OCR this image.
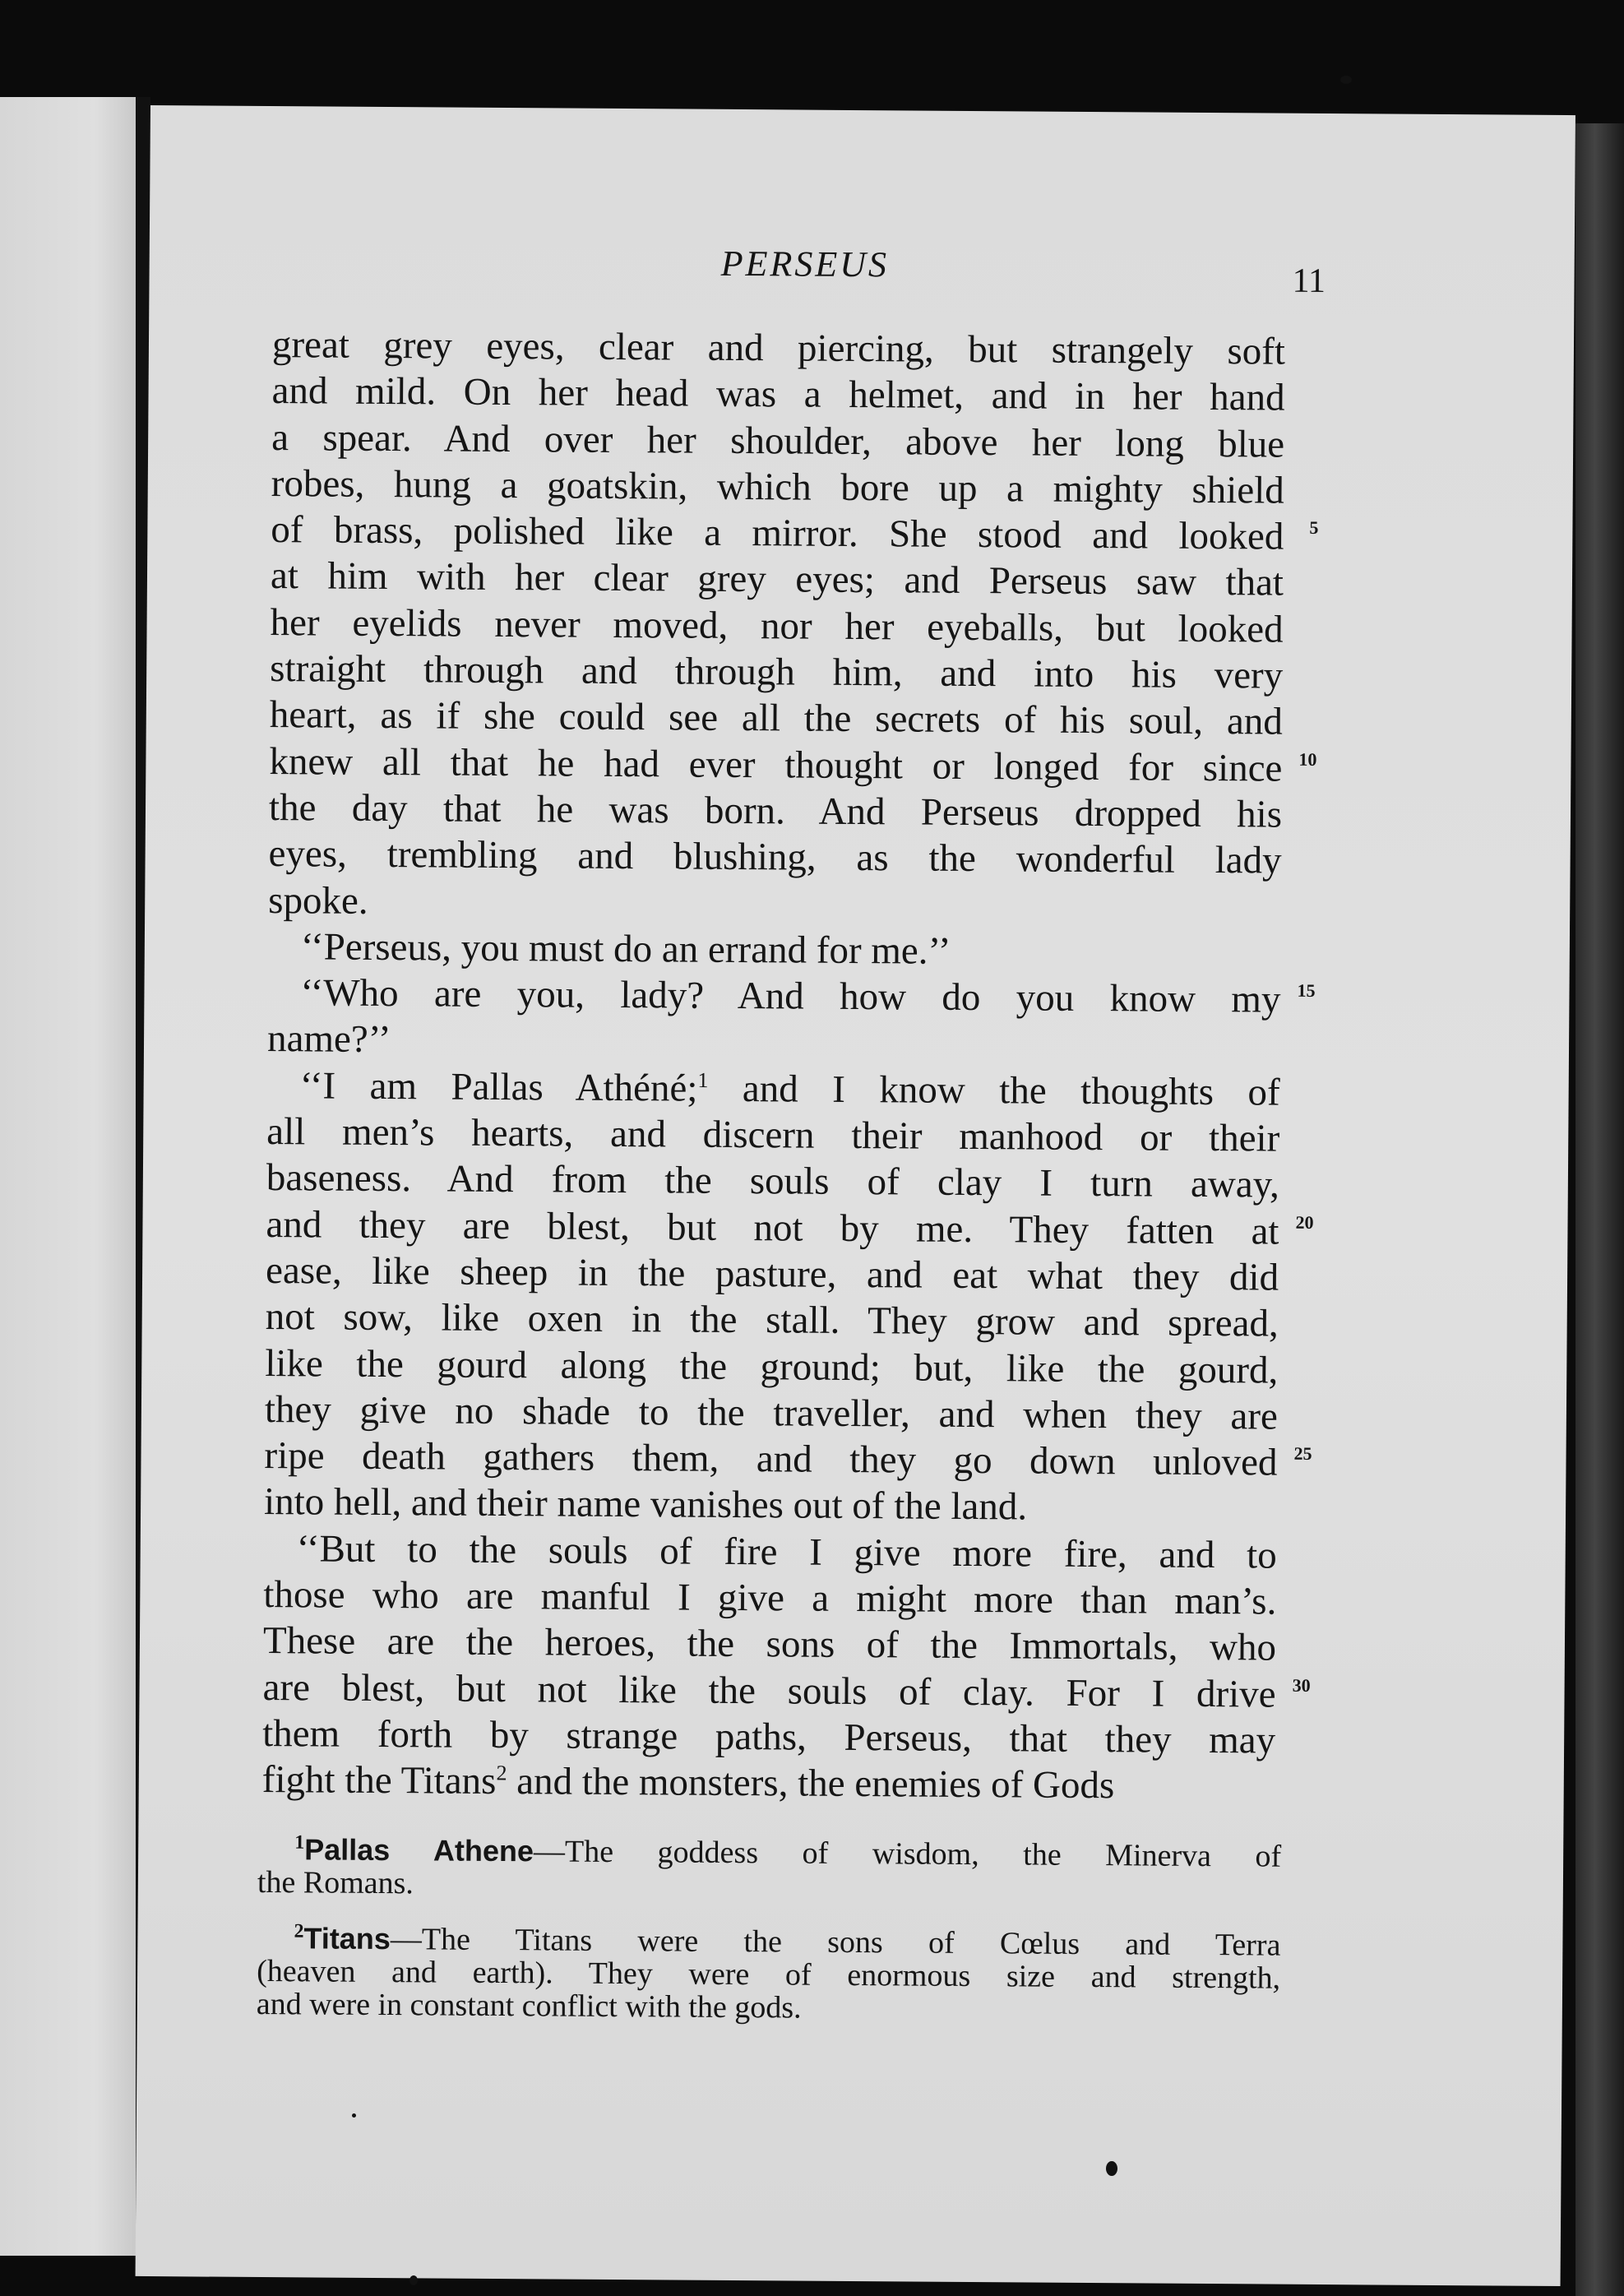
PERSEUS	11
great grey eyes, clear and piercing, but strangely soft
and mild. On her head was a helmet, and in her hand
a spear. And over her shoulder, above her long blue
robes, hung a goatskin, which bore up a mighty shield
of brass, polished like a mirror. She stood and looked 5
at him with her clear grey eyes; and Perseus saw that
her eyelids never moved, nor her eyeballs, but looked
straight through and through him, and into his very
heart, as if she could see all the secrets of his soul, and
knew all that he had ever thought or longed for since 10
the day that he was born. And Perseus dropped his
eyes, trembling and blushing, as the wonderful lady
spoke.
‘‘Perseus, you must do an errand for me.’’
‘‘Who are you, lady? And how do you know my 15
name?’’
‘‘I am Pallas Athéné;$^1$ and I know the thoughts of
all men’s hearts, and discern their manhood or their
baseness. And from the souls of clay I turn away,
and they are blest, but not by me. They fatten at 20
ease, like sheep in the pasture, and eat what they did
not sow, like oxen in the stall. They grow and spread,
like the gourd along the ground; but, like the gourd,
they give no shade to the traveller, and when they are
ripe death gathers them, and they go down unloved 25
into hell, and their name vanishes out of the land.
‘‘But to the souls of fire I give more fire, and to
those who are manful I give a might more than man’s.
These are the heroes, the sons of the Immortals, who
are blest, but not like the souls of clay. For I drive 30
them forth by strange paths, Perseus, that they may
fight the Titans$^2$ and the monsters, the enemies of Gods
$^1$Pallas Athene—The goddess of wisdom, the Minerva of
the Romans.
$^2$Titans—The Titans were the sons of Cœlus and Terra
(heaven and earth). They were of enormous size and strength,
and were in constant conflict with the gods.
